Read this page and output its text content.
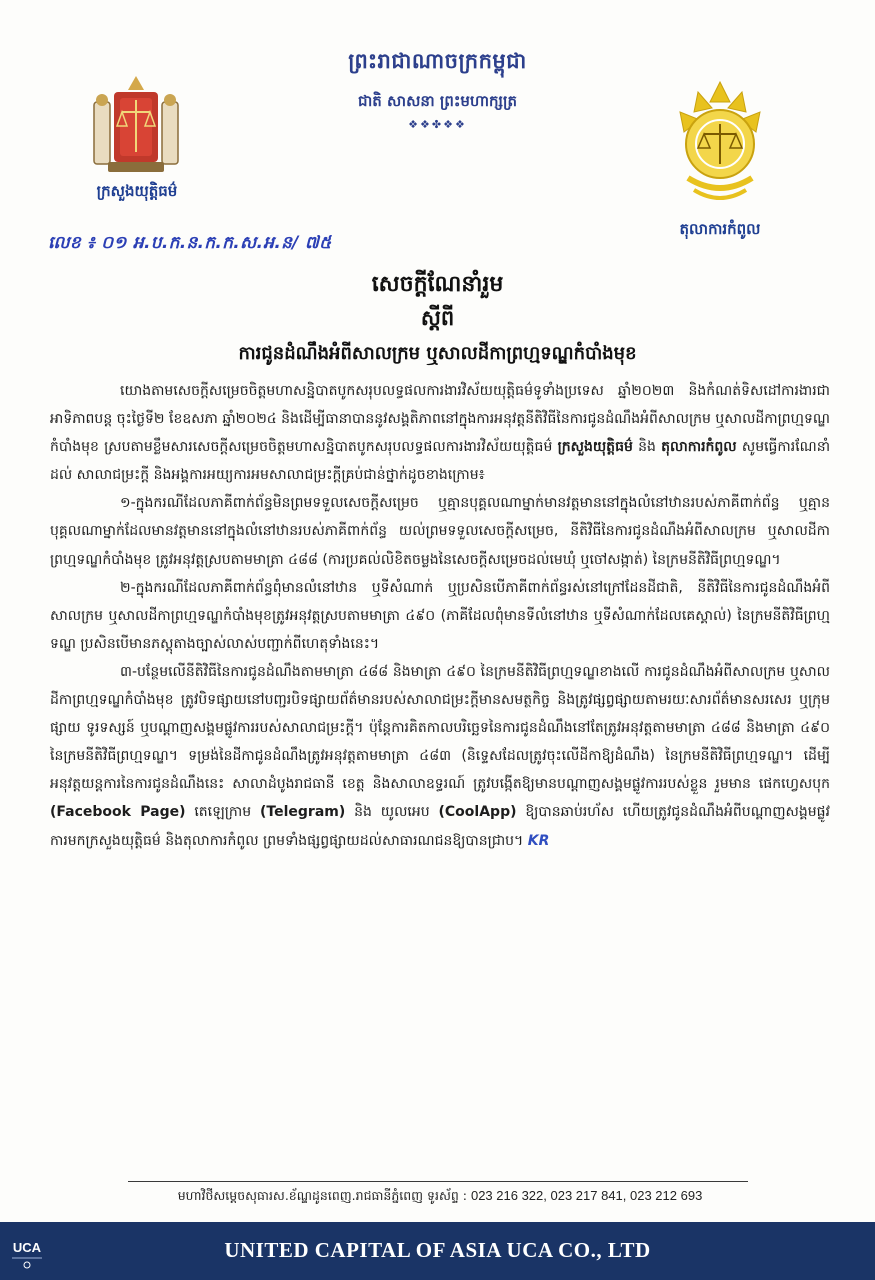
ព្រះរាជាណាចក្រកម្ពុជា
ជាតិ សាសនា ព្រះមហាក្សត្រ
❖❖✤❖❖
ក្រសួងយុត្តិធម៌
តុលាការកំពូល
លេខ ៖ ០១ អ.ប.ក.ន.ក.ក.ស.អ.ន/ ៧៥
សេចក្តីណែនាំរួម
ស្តីពី
ការជូនដំណឹងអំពីសាលក្រម ឬសាលដីកាព្រហ្មទណ្ឌកំបាំងមុខ

យោងតាមសេចក្តីសម្រេចចិត្តមហាសន្និបាតបូកសរុបលទ្ធផលការងារវិស័យយុត្តិធម៌ទូទាំងប្រទេស ឆ្នាំ២០២៣ និងកំណត់ទិសដៅការងារជាអាទិភាពបន្ត ចុះថ្ងៃទី២ ខែឧសភា ឆ្នាំ២០២៤ និងដើម្បីធានាបាននូវសង្គតិភាពនៅក្នុងការអនុវត្តនីតិវិធីនៃការជូនដំណឹងអំពីសាលក្រម ឬសាលដីកាព្រហ្មទណ្ឌកំបាំងមុខ ស្របតាមខ្លឹមសារសេចក្តីសម្រេចចិត្តមហាសន្និបាតបូកសរុបលទ្ធផលការងារវិស័យយុត្តិធម៌ ក្រសួងយុត្តិធម៌ និង តុលាការកំពូល សូមធ្វើការណែនាំដល់ សាលាជម្រះក្តី និងអង្គការអយ្យការអមសាលាជម្រះក្តីគ្រប់ជាន់ថ្នាក់ដូចខាងក្រោម៖

១-ក្នុងករណីដែលភាគីពាក់ព័ន្ធមិនព្រមទទួលសេចក្តីសម្រេច ឬគ្មានបុគ្គលណាម្នាក់មានវត្តមាននៅក្នុងលំនៅឋានរបស់ភាគីពាក់ព័ន្ធ ឬគ្មានបុគ្គលណាម្នាក់ដែលមានវត្តមាននៅក្នុងលំនៅឋានរបស់ភាគីពាក់ព័ន្ធ យល់ព្រមទទួលសេចក្តីសម្រេច, នីតិវិធីនៃការជូនដំណឹងអំពីសាលក្រម ឬសាលដីកាព្រហ្មទណ្ឌកំបាំងមុខ ត្រូវអនុវត្តស្របតាមមាត្រា ៤៨៨ (ការប្រគល់លិខិតចម្លងនៃសេចក្តីសម្រេចដល់មេឃុំ ឬចៅសង្កាត់) នៃក្រមនីតិវិធីព្រហ្មទណ្ឌ។

២-ក្នុងករណីដែលភាគីពាក់ព័ន្ធពុំមានលំនៅឋាន ឬទីសំណាក់ ឬប្រសិនបើភាគីពាក់ព័ន្ធរស់នៅក្រៅដែនដីជាតិ, នីតិវិធីនៃការជូនដំណឹងអំពីសាលក្រម ឬសាលដីកាព្រហ្មទណ្ឌកំបាំងមុខត្រូវអនុវត្តស្របតាមមាត្រា ៤៩០ (ភាគីដែលពុំមានទីលំនៅឋាន ឬទីសំណាក់ដែលគេស្គាល់) នៃក្រមនីតិវិធីព្រហ្មទណ្ឌ ប្រសិនបើមានភស្តុតាងច្បាស់លាស់បញ្ជាក់ពីហេតុទាំងនេះ។

៣-បន្ថែមលើនីតិវិធីនៃការជូនដំណឹងតាមមាត្រា ៤៨៨ និងមាត្រា ៤៩០ នៃក្រមនីតិវិធីព្រហ្មទណ្ឌខាងលើ ការជូនដំណឹងអំពីសាលក្រម ឬសាលដីកាព្រហ្មទណ្ឌកំបាំងមុខ ត្រូវបិទផ្សាយនៅបញ្ជរបិទផ្សាយព័ត៌មានរបស់សាលាជម្រះក្តីមានសមត្ថកិច្ច និងត្រូវផ្សព្វផ្សាយតាមរយៈសារព័ត៌មានសរសេរ ឬក្រុមផ្សាយ ទូរទស្សន៍ ឬបណ្តាញសង្គមផ្លូវការរបស់សាលាជម្រះក្តី។ ប៉ុន្តែការគិតកាលបរិច្ឆេទនៃការជូនដំណឹងនៅតែត្រូវអនុវត្តតាមមាត្រា ៤៨៨ និងមាត្រា ៤៩០ នៃក្រមនីតិវិធីព្រហ្មទណ្ឌ។ ទម្រង់នៃដីកាជូនដំណឹងត្រូវអនុវត្តតាមមាត្រា ៤៨៣ (និទ្ទេសដែលត្រូវចុះលើដីកាឱ្យដំណឹង) នៃក្រមនីតិវិធីព្រហ្មទណ្ឌ។ ដើម្បីអនុវត្តយន្តការនៃការជូនដំណឹងនេះ សាលាដំបូងរាជធានី ខេត្ត និងសាលាឧទ្ធរណ៍ ត្រូវបង្កើតឱ្យមានបណ្តាញសង្គមផ្លូវការរបស់ខ្លួន រួមមាន ផេកហ្វេសបុក (Facebook Page) តេឡេក្រាម (Telegram) និង យូលអេប (CoolApp) ឱ្យបានឆាប់រហ័ស ហើយត្រូវជូនដំណឹងអំពីបណ្តាញសង្គមផ្លូវការមកក្រសួងយុត្តិធម៌ និងតុលាការកំពូល ព្រមទាំងផ្សព្វផ្សាយដល់សាធារណជនឱ្យបានជ្រាប។ KR

មហាវិថីសម្តេចសុធារស.ខ័ណ្ឌដូនពេញ.រាជធានីភ្នំពេញ ទូរស័ព្ទ : 023 216 322, 023 217 841, 023 212 693
UCA	UNITED CAPITAL OF ASIA UCA CO., LTD
